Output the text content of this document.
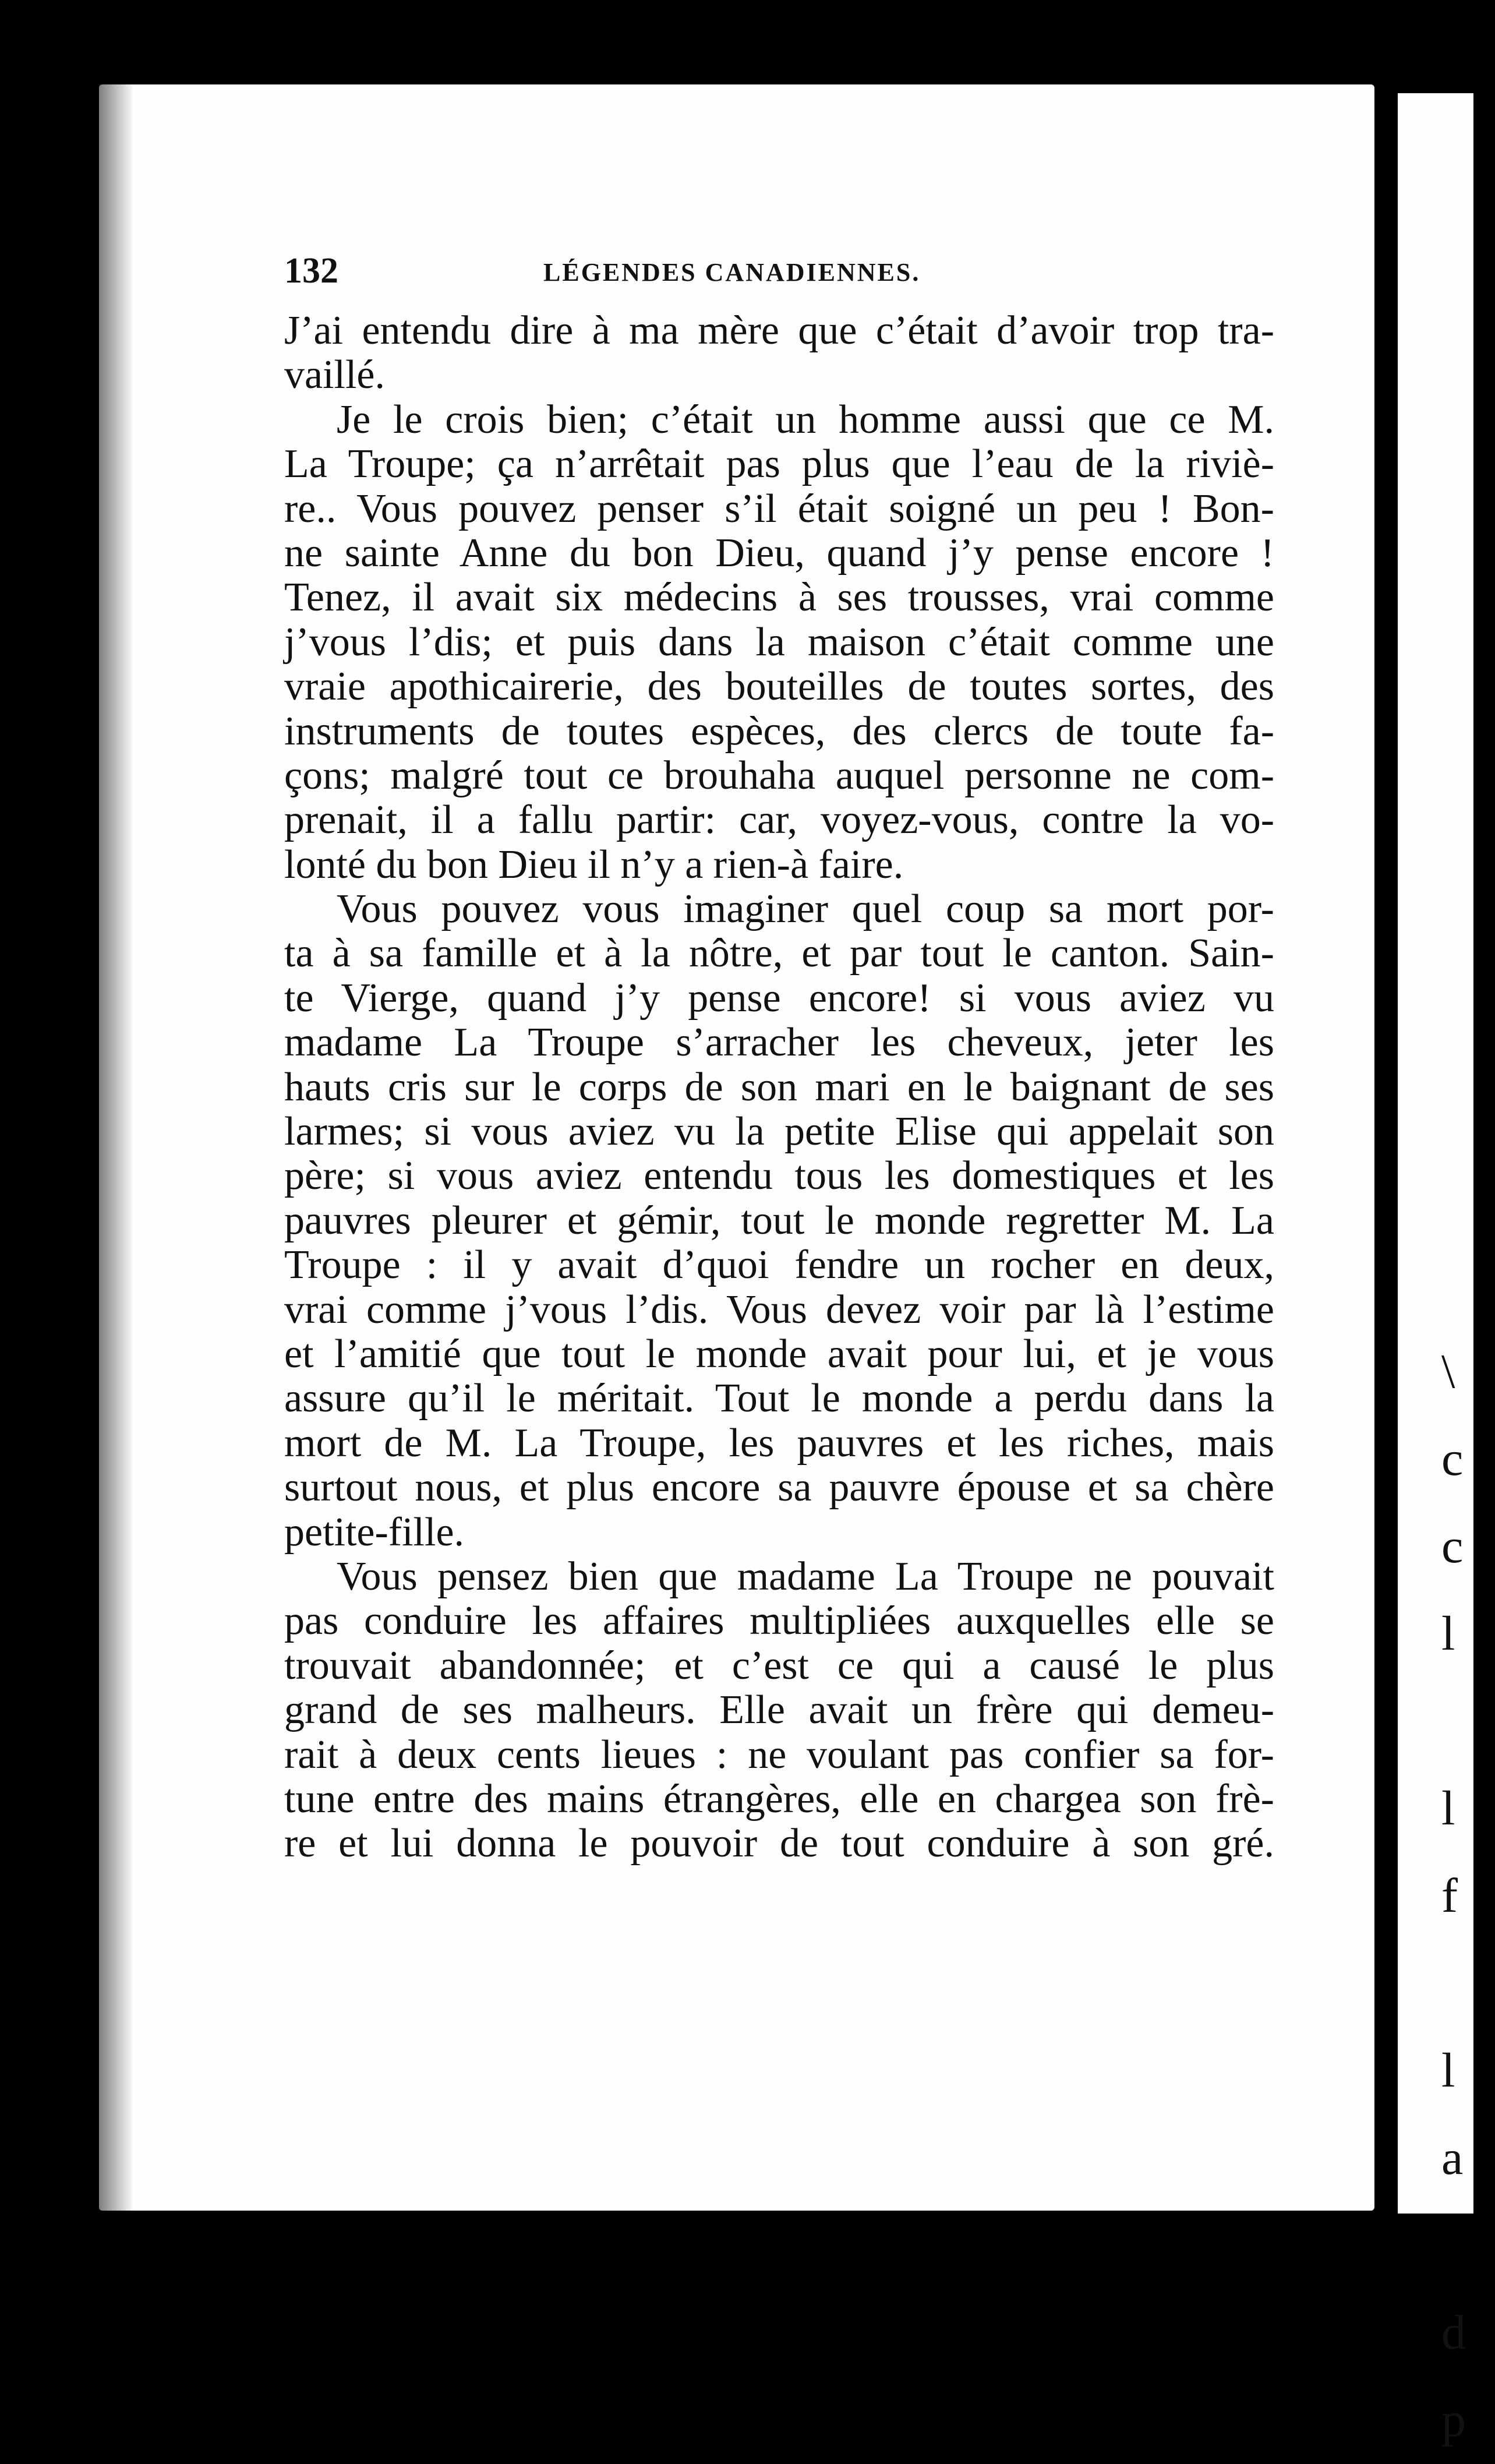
\
c
c
l
l
f
l
a
d
p
132	LÉGENDES CANADIENNES.
J’ai entendu dire à ma mère que c’était d’avoir trop tra-
vaillé.
Je le crois bien; c’était un homme aussi que ce M.
La Troupe; ça n’arrêtait pas plus que l’eau de la riviè-
re.. Vous pouvez penser s’il était soigné un peu ! Bon-
ne sainte Anne du bon Dieu, quand j’y pense encore !
Tenez, il avait six médecins à ses trousses, vrai comme
j’vous l’dis; et puis dans la maison c’était comme une
vraie apothicairerie, des bouteilles de toutes sortes, des
instruments de toutes espèces, des clercs de toute fa-
çons; malgré tout ce brouhaha auquel personne ne com-
prenait, il a fallu partir: car, voyez-vous, contre la vo-
lonté du bon Dieu il n’y a rien-à faire.
Vous pouvez vous imaginer quel coup sa mort por-
ta à sa famille et à la nôtre, et par tout le canton. Sain-
te Vierge, quand j’y pense encore! si vous aviez vu
madame La Troupe s’arracher les cheveux, jeter les
hauts cris sur le corps de son mari en le baignant de ses
larmes; si vous aviez vu la petite Elise qui appelait son
père; si vous aviez entendu tous les domestiques et les
pauvres pleurer et gémir, tout le monde regretter M. La
Troupe : il y avait d’quoi fendre un rocher en deux,
vrai comme j’vous l’dis. Vous devez voir par là l’estime
et l’amitié que tout le monde avait pour lui, et je vous
assure qu’il le méritait. Tout le monde a perdu dans la
mort de M. La Troupe, les pauvres et les riches, mais
surtout nous, et plus encore sa pauvre épouse et sa chère
petite-fille.
Vous pensez bien que madame La Troupe ne pouvait
pas conduire les affaires multipliées auxquelles elle se
trouvait abandonnée; et c’est ce qui a causé le plus
grand de ses malheurs. Elle avait un frère qui demeu-
rait à deux cents lieues : ne voulant pas confier sa for-
tune entre des mains étrangères, elle en chargea son frè-
re et lui donna le pouvoir de tout conduire à son gré.
